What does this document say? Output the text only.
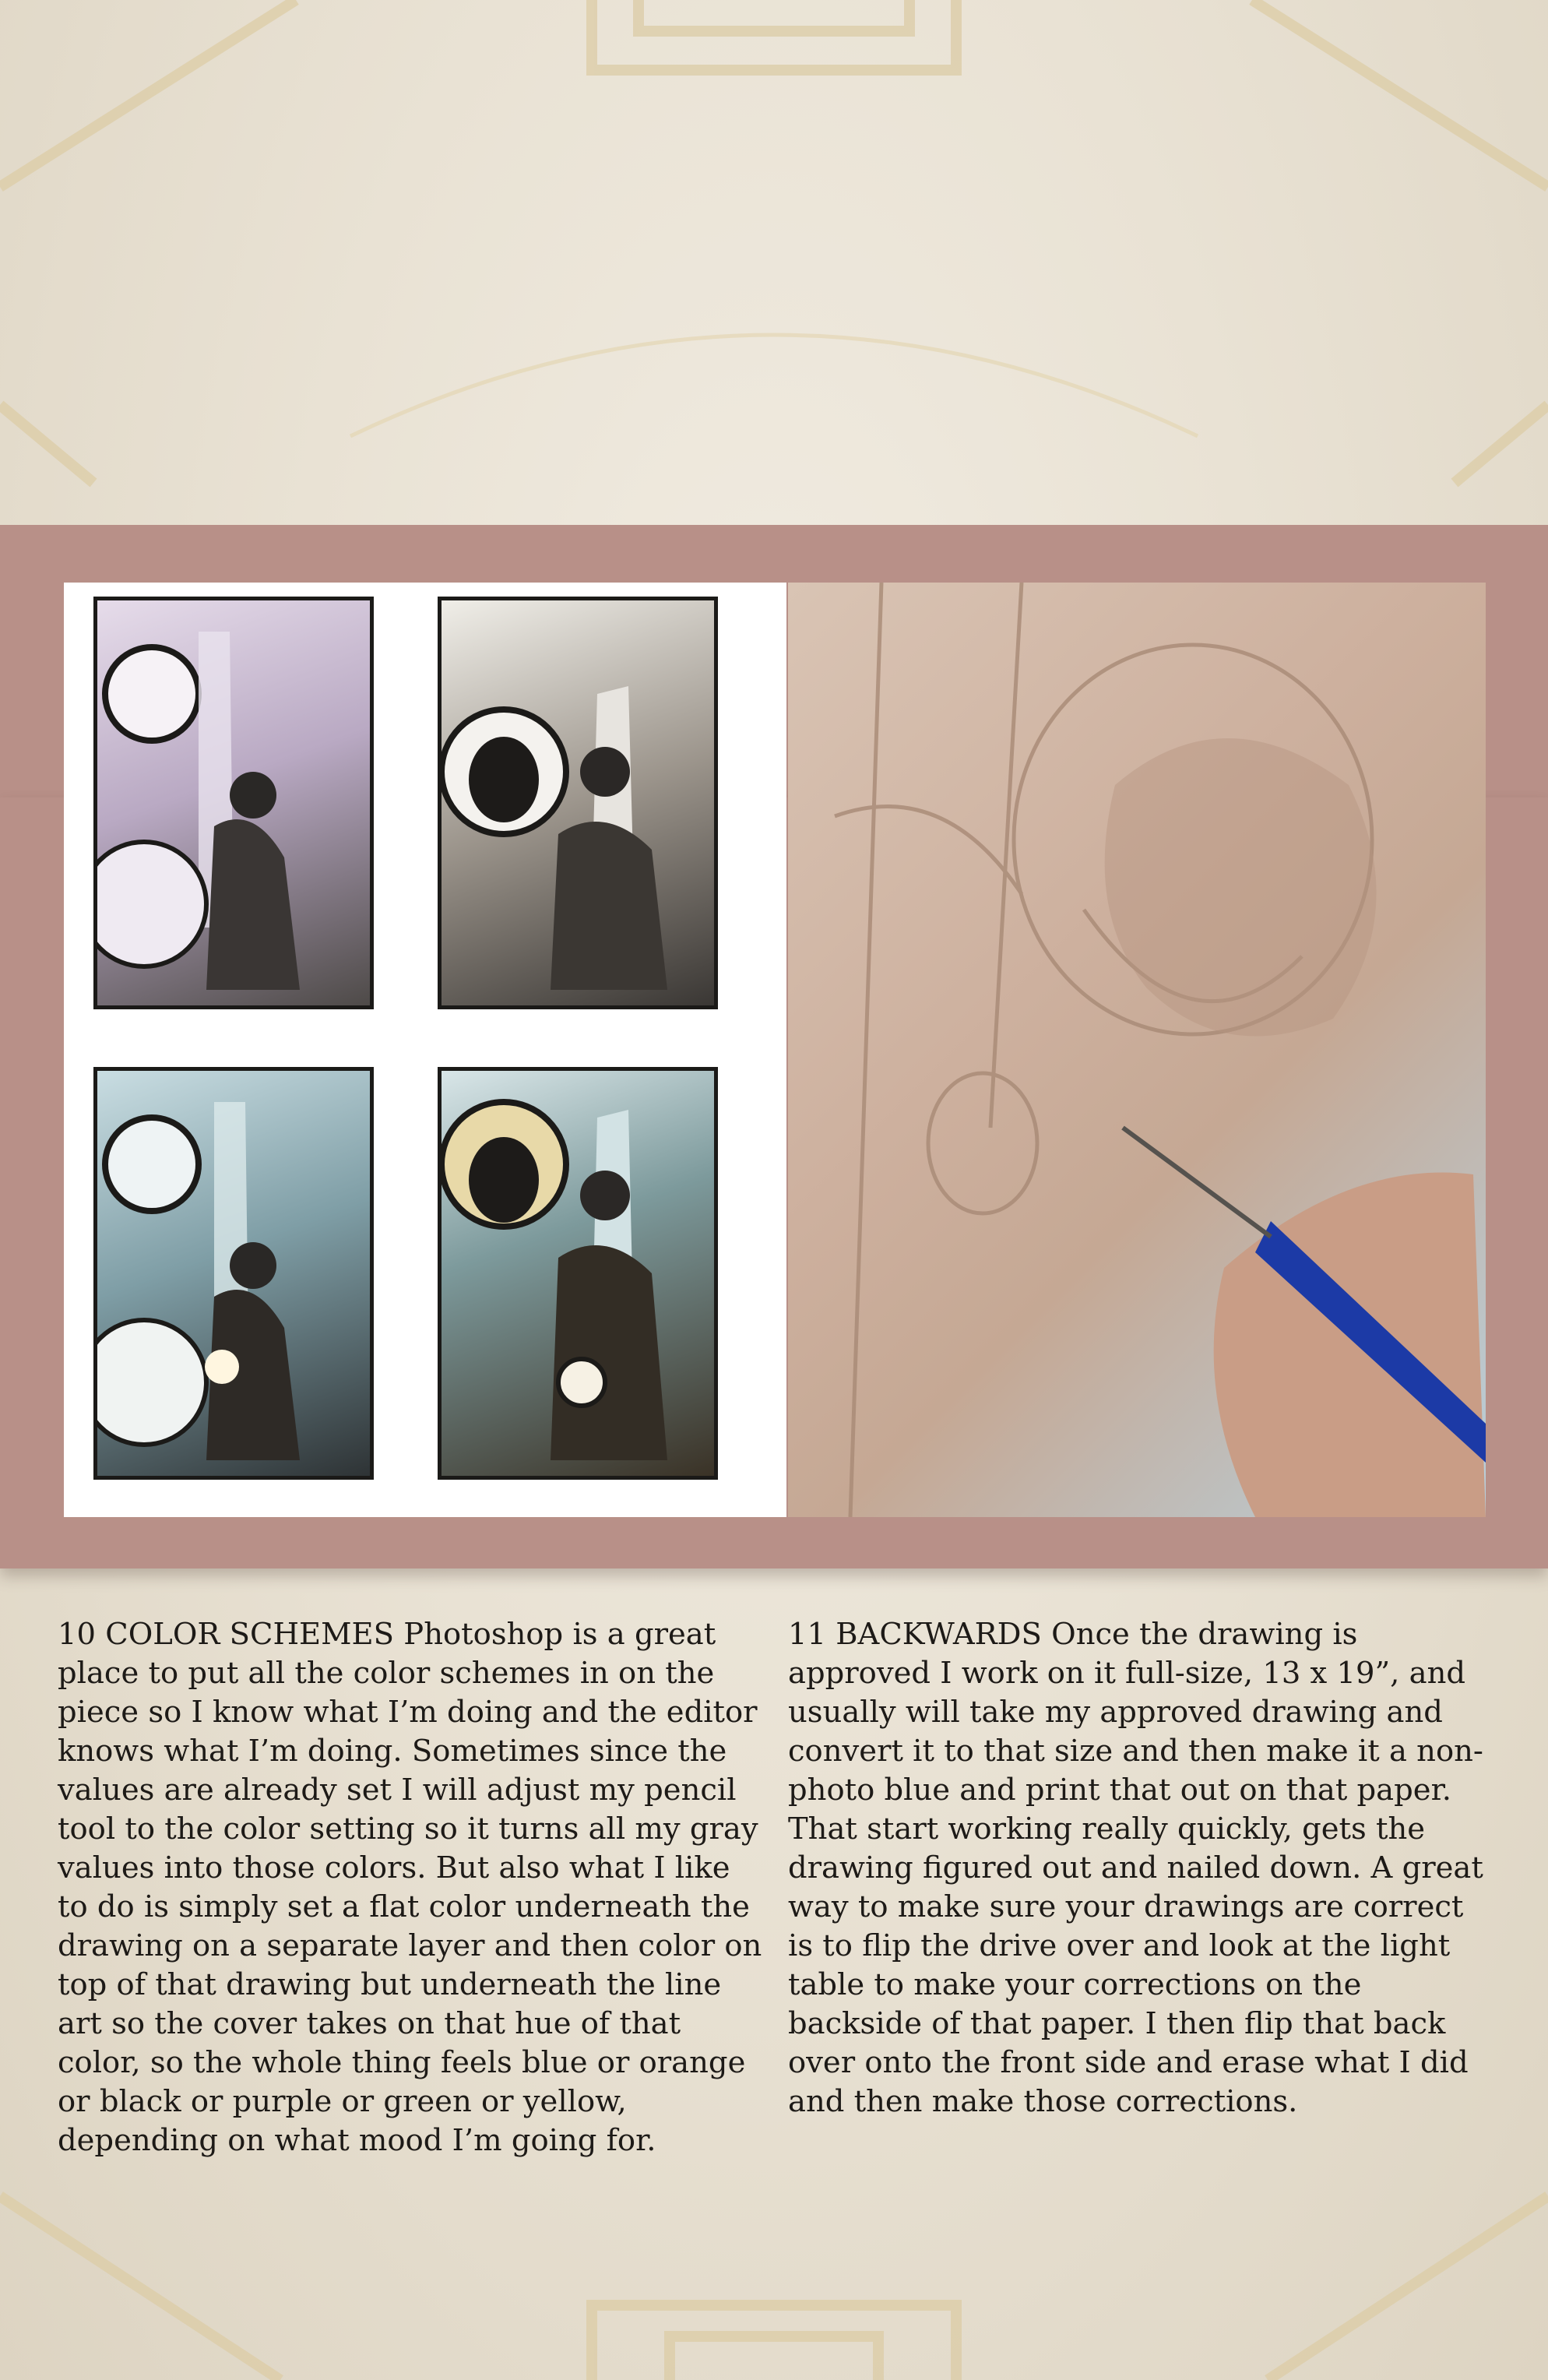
10 COLOR SCHEMES Photoshop is a great place to put all the color schemes in on the piece so I know what I’m doing and the editor knows what I’m doing. Sometimes since the values are already set I will adjust my pencil tool to the color setting so it turns all my gray values into those colors. But also what I like to do is simply set a flat color underneath the drawing on a separate layer and then color on top of that drawing but underneath the line art so the cover takes on that hue of that color, so the whole thing feels blue or orange or black or purple or green or yellow, depending on what mood I’m going for.

11 BACKWARDS Once the drawing is approved I work on it full-size, 13 x 19”, and usually will take my approved drawing and convert it to that size and then make it a non-photo blue and print that out on that paper. That start working really quickly, gets the drawing figured out and nailed down. A great way to make sure your drawings are correct is to flip the drive over and look at the light table to make your corrections on the backside of that paper. I then flip that back over onto the front side and erase what I did and then make those corrections.
